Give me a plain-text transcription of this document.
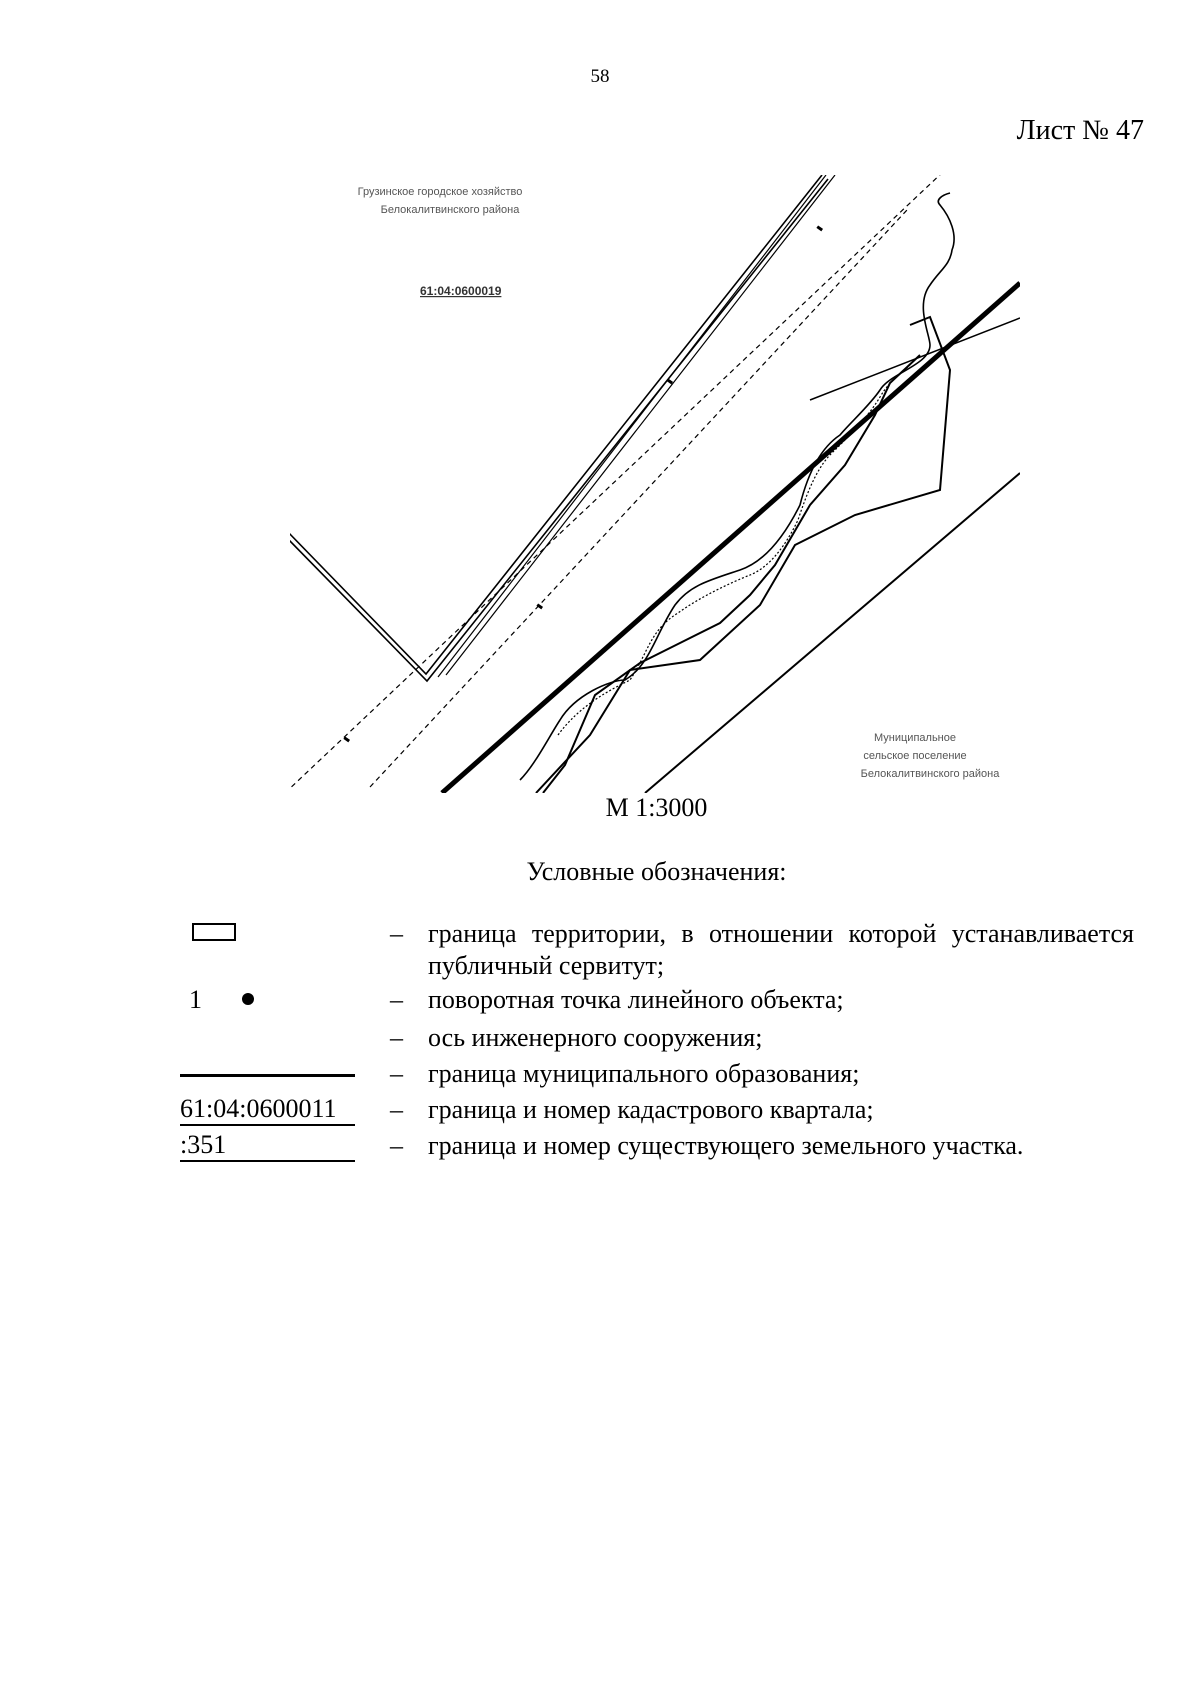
58
Лист № 47
Грузинское городское хозяйство
Белокалитвинского района
61:04:0600019
Муниципальное
сельское поселение
Белокалитвинского района
М 1:3000
Условные обозначения:
– граница территории, в отношении которой устанавливается публичный сервитут;
1	– поворотная точка линейного объекта;
– ось инженерного сооружения;
– граница муниципального образования;
61:04:0600011	– граница и номер кадастрового квартала;
:351	– граница и номер существующего земельного участка.
